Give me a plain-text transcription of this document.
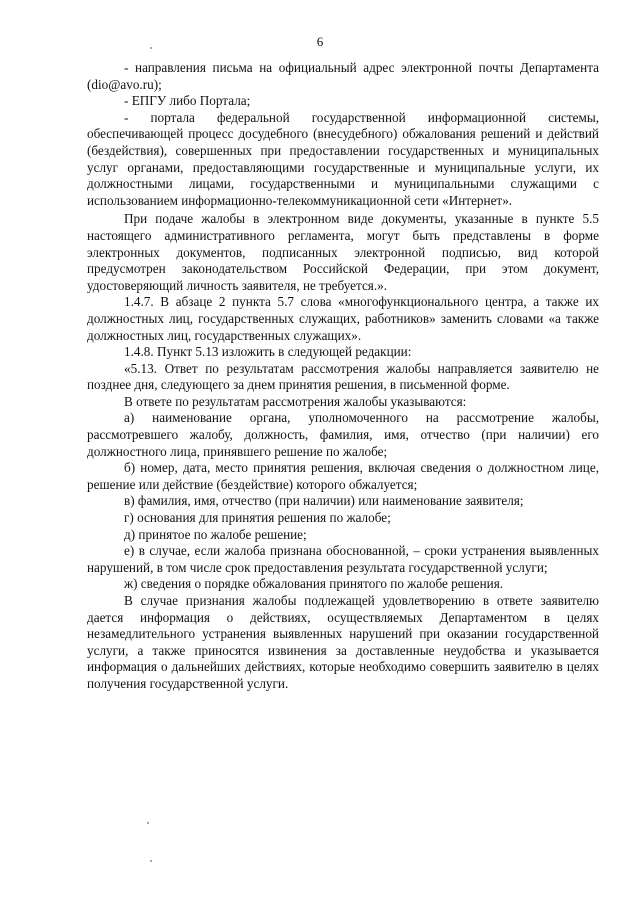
6

- направления письма на официальный адрес электронной почты Департамента (dio@avo.ru);

- ЕПГУ либо Портала;

- портала федеральной государственной информационной системы, обеспечивающей процесс досудебного (внесудебного) обжалования решений и действий (бездействия), совершенных при предоставлении государственных и муниципальных услуг органами, предоставляющими государственные и муниципальные услуги, их должностными лицами, государственными и муниципальными служащими с использованием информационно-телекоммуникационной сети «Интернет».

При подаче жалобы в электронном виде документы, указанные в пункте 5.5 настоящего административного регламента, могут быть представлены в форме электронных документов, подписанных электронной подписью, вид которой предусмотрен законодательством Российской Федерации, при этом документ, удостоверяющий личность заявителя, не требуется.».

1.4.7. В абзаце 2 пункта 5.7 слова «многофункционального центра, а также их должностных лиц, государственных служащих, работников» заменить словами «а также должностных лиц, государственных служащих».

1.4.8. Пункт 5.13 изложить в следующей редакции:

«5.13. Ответ по результатам рассмотрения жалобы направляется заявителю не позднее дня, следующего за днем принятия решения, в письменной форме.

В ответе по результатам рассмотрения жалобы указываются:

а) наименование органа, уполномоченного на рассмотрение жалобы, рассмотревшего жалобу, должность, фамилия, имя, отчество (при наличии) его должностного лица, принявшего решение по жалобе;

б) номер, дата, место принятия решения, включая сведения о должностном лице, решение или действие (бездействие) которого обжалуется;

в) фамилия, имя, отчество (при наличии) или наименование заявителя;

г) основания для принятия решения по жалобе;

д) принятое по жалобе решение;

е) в случае, если жалоба признана обоснованной, – сроки устранения выявленных нарушений, в том числе срок предоставления результата государственной услуги;

ж) сведения о порядке обжалования принятого по жалобе решения.

В случае признания жалобы подлежащей удовлетворению в ответе заявителю дается информация о действиях, осуществляемых Департаментом в целях незамедлительного устранения выявленных нарушений при оказании государственной услуги, а также приносятся извинения за доставленные неудобства и указывается информация о дальнейших действиях, которые необходимо совершить заявителю в целях получения государственной услуги.
